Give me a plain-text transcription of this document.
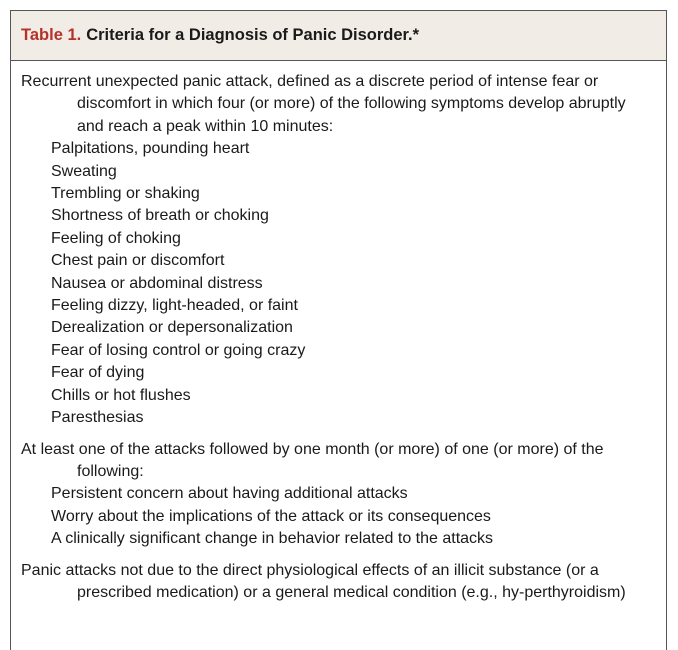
Table 1. Criteria for a Diagnosis of Panic Disorder.*

Recurrent unexpected panic attack, defined as a discrete period of intense fear or discomfort in which four (or more) of the following symptoms develop abruptly and reach a peak within 10 minutes:

Palpitations, pounding heart
Sweating
Trembling or shaking
Shortness of breath or choking
Feeling of choking
Chest pain or discomfort
Nausea or abdominal distress
Feeling dizzy, light-headed, or faint
Derealization or depersonalization
Fear of losing control or going crazy
Fear of dying
Chills or hot flushes
Paresthesias

At least one of the attacks followed by one month (or more) of one (or more) of the following:

Persistent concern about having additional attacks
Worry about the implications of the attack or its consequences
A clinically significant change in behavior related to the attacks

Panic attacks not due to the direct physiological effects of an illicit substance (or a prescribed medication) or a general medical condition (e.g., hy-perthyroidism)
